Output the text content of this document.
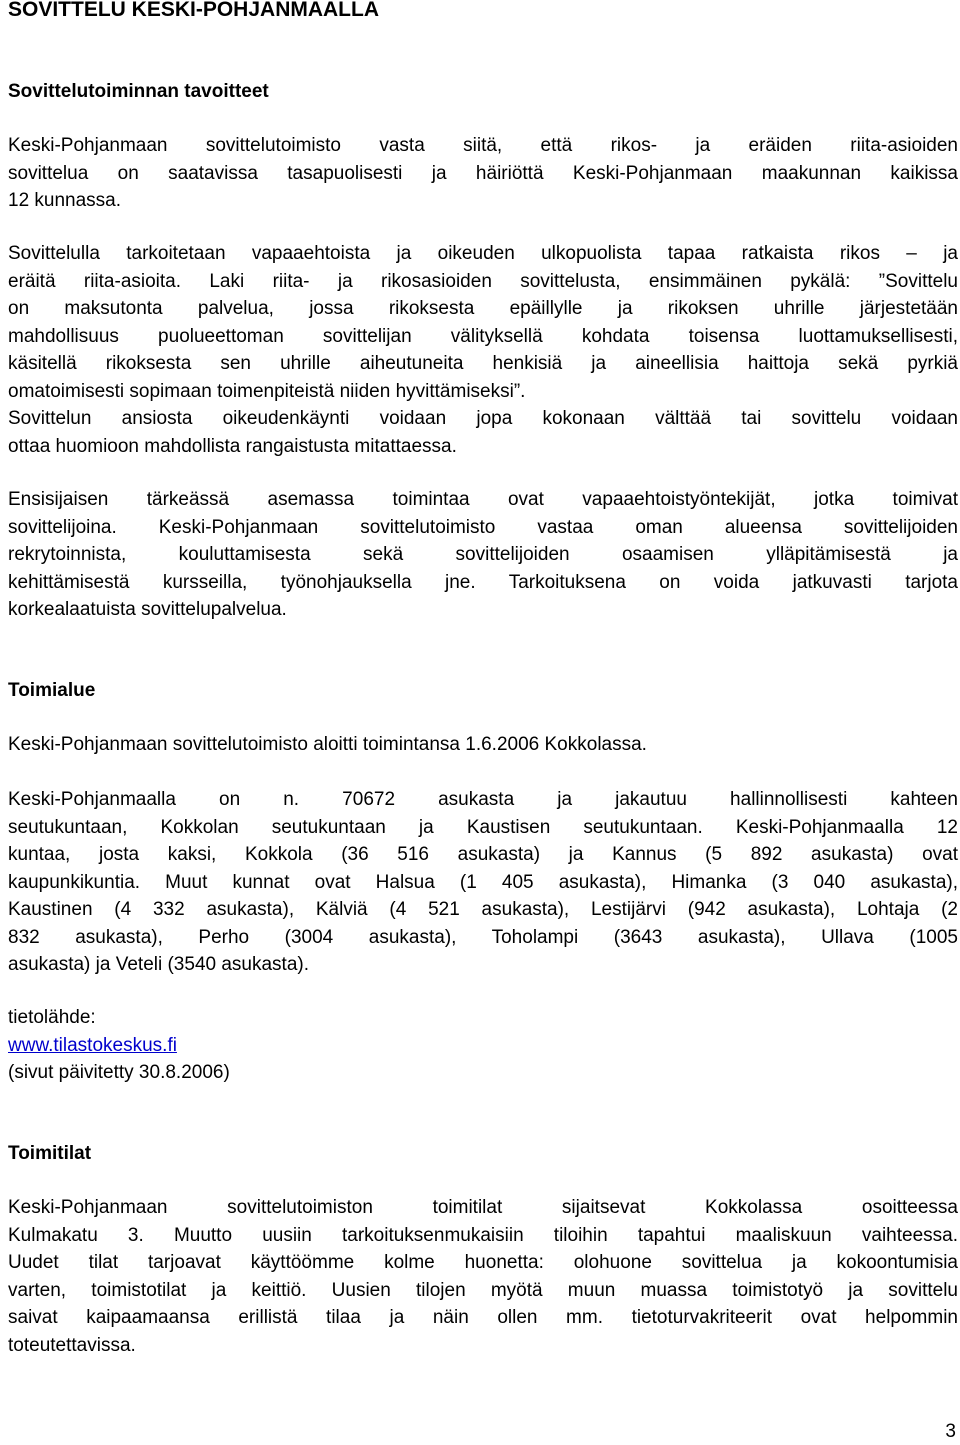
SOVITTELU KESKI-POHJANMAALLA
Sovittelutoiminnan tavoitteet
Keski-Pohjanmaan sovittelutoimisto vasta siitä, että rikos- ja eräiden riita-asioiden
sovittelua on saatavissa tasapuolisesti ja häiriöttä Keski-Pohjanmaan maakunnan kaikissa
12 kunnassa.
Sovittelulla tarkoitetaan vapaaehtoista ja oikeuden ulkopuolista tapaa ratkaista rikos – ja
eräitä riita-asioita. Laki riita- ja rikosasioiden sovittelusta, ensimmäinen pykälä: ”Sovittelu
on maksutonta palvelua, jossa rikoksesta epäillylle ja rikoksen uhrille järjestetään
mahdollisuus puolueettoman sovittelijan välityksellä kohdata toisensa luottamuksellisesti,
käsitellä rikoksesta sen uhrille aiheutuneita henkisiä ja aineellisia haittoja sekä pyrkiä
omatoimisesti sopimaan toimenpiteistä niiden hyvittämiseksi”.
Sovittelun ansiosta oikeudenkäynti voidaan jopa kokonaan välttää tai sovittelu voidaan
ottaa huomioon mahdollista rangaistusta mitattaessa.
Ensisijaisen tärkeässä asemassa toimintaa ovat vapaaehtoistyöntekijät, jotka toimivat
sovittelijoina. Keski-Pohjanmaan sovittelutoimisto vastaa oman alueensa sovittelijoiden
rekrytoinnista, kouluttamisesta sekä sovittelijoiden osaamisen ylläpitämisestä ja
kehittämisestä kursseilla, työnohjauksella jne. Tarkoituksena on voida jatkuvasti tarjota
korkealaatuista sovittelupalvelua.
Toimialue
Keski-Pohjanmaan sovittelutoimisto aloitti toimintansa 1.6.2006 Kokkolassa.
Keski-Pohjanmaalla on n. 70672 asukasta ja jakautuu hallinnollisesti kahteen
seutukuntaan, Kokkolan seutukuntaan ja Kaustisen seutukuntaan. Keski-Pohjanmaalla 12
kuntaa, josta kaksi, Kokkola (36 516 asukasta) ja Kannus (5 892 asukasta) ovat
kaupunkikuntia. Muut kunnat ovat Halsua (1 405 asukasta), Himanka (3 040 asukasta),
Kaustinen (4 332 asukasta), Kälviä (4 521 asukasta), Lestijärvi (942 asukasta), Lohtaja (2
832 asukasta), Perho (3004 asukasta), Toholampi (3643 asukasta), Ullava (1005
asukasta) ja Veteli (3540 asukasta).
tietolähde:
www.tilastokeskus.fi
(sivut päivitetty 30.8.2006)
Toimitilat
Keski-Pohjanmaan sovittelutoimiston toimitilat sijaitsevat Kokkolassa osoitteessa
Kulmakatu 3. Muutto uusiin tarkoituksenmukaisiin tiloihin tapahtui maaliskuun vaihteessa.
Uudet tilat tarjoavat käyttöömme kolme huonetta: olohuone sovittelua ja kokoontumisia
varten, toimistotilat ja keittiö. Uusien tilojen myötä muun muassa toimistotyö ja sovittelu
saivat kaipaamaansa erillistä tilaa ja näin ollen mm. tietoturvakriteerit ovat helpommin
toteutettavissa.
3
